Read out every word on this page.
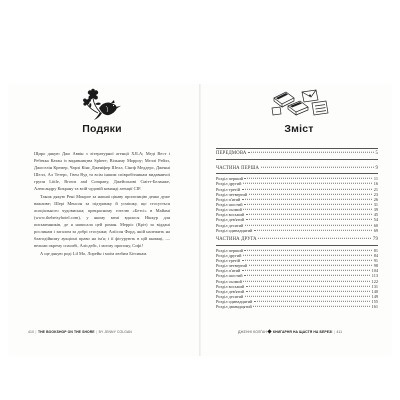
Подяки	Зміст

Щиро дякую Джо Аввін з літературної агенції XJLA; Меді Вест і Ребекка Катан із видавництва Sphere; Вільяму Морроу; Меллі Рейлз, Джоселін Кремер, Чарлі Кінг, Дженіфер Шелл, Сінгф Меддерс, Дженні Шелл, Ал Тетерс, Гвен Вуд та всім іншим співробітникам видавничої групи Little, Brown and Company, Джейсонові Смітт-Беланже, Александру Кокрану та всій чудовій команді агенції CIF.

Також дякую Рені Монрое за напнаї цікаву пропозицію деяко дуже важливе; Шері Менсон за підтримку й усмішку, що стосується асоціального чудовиська; прекрасному готелю «Бетсі» в Майамі (www.thebetsyhotel.com), у якому мені вдалося Ніккур для письменників, де я написала цей роман. Мерріс (Кріт) за віддані рослинам і загалом за добрі стосунки; Аліісон Форд, якій належить на благодійному аукціоні право на ім'я; і її фігурують в цій книжці, — вельми окрему спасибі, Алісдейс, і моєму пропону, Софі!

А ще дякую роді Lil Mo, Лорейн і моїм любим Бітсикам.

ПЕРЕДМОВА	5
ЧАСТИНА ПЕРША	9
Розділ перший	11
Розділ другий	16
Розділ третій	21
Розділ четвертий	23
Розділ п'ятий	26
Розділ шостий	31
Розділ сьомий	39
Розділ восьмий	45
Розділ дев'ятий	54
Розділ десятий	60
Розділ одинадцятий	69
ЧАСТИНА ДРУГА	79
Розділ перший	81
Розділ другий	84
Розділ третій	91
Розділ четвертий	98
Розділ п'ятий	104
Розділ шостий	113
Розділ сьомий	122
Розділ восьмий	131
Розділ дев'ятий	140
Розділ десятий	149
Розділ одинадцятий	155
Розділ дванадцятий	161
410 | THE BOOKSHOP ON THE SHORE | BY JENNY COLGAN	ДЖЕННІ КОЛҐАН КНИГАРНЯ НА ЩАСТЯ НА БЕРЕЗІ | 411
